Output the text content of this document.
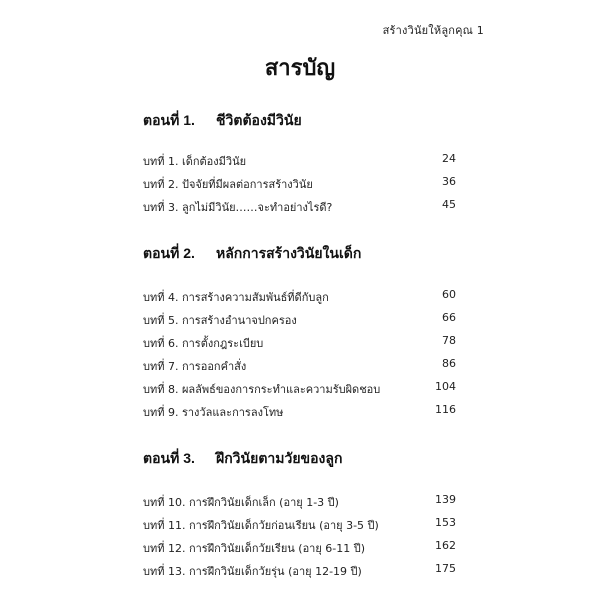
สร้างวินัยให้ลูกคุณ 1
สารบัญ
ตอนที่ 1. ชีวิตต้องมีวินัย
บทที่ 1. เด็กต้องมีวินัย	24
บทที่ 2. ปัจจัยที่มีผลต่อการสร้างวินัย	36
บทที่ 3. ลูกไม่มีวินัย……จะทำอย่างไรดี?	45
ตอนที่ 2. หลักการสร้างวินัยในเด็ก
บทที่ 4. การสร้างความสัมพันธ์ที่ดีกับลูก	60
บทที่ 5. การสร้างอำนาจปกครอง	66
บทที่ 6. การตั้งกฎระเบียบ	78
บทที่ 7. การออกคำสั่ง	86
บทที่ 8. ผลลัพธ์ของการกระทำและความรับผิดชอบ	104
บทที่ 9. รางวัลและการลงโทษ	116
ตอนที่ 3. ฝึกวินัยตามวัยของลูก
บทที่ 10. การฝึกวินัยเด็กเล็ก (อายุ 1-3 ปี)	139
บทที่ 11. การฝึกวินัยเด็กวัยก่อนเรียน (อายุ 3-5 ปี)	153
บทที่ 12. การฝึกวินัยเด็กวัยเรียน (อายุ 6-11 ปี)	162
บทที่ 13. การฝึกวินัยเด็กวัยรุ่น (อายุ 12-19 ปี)	175
